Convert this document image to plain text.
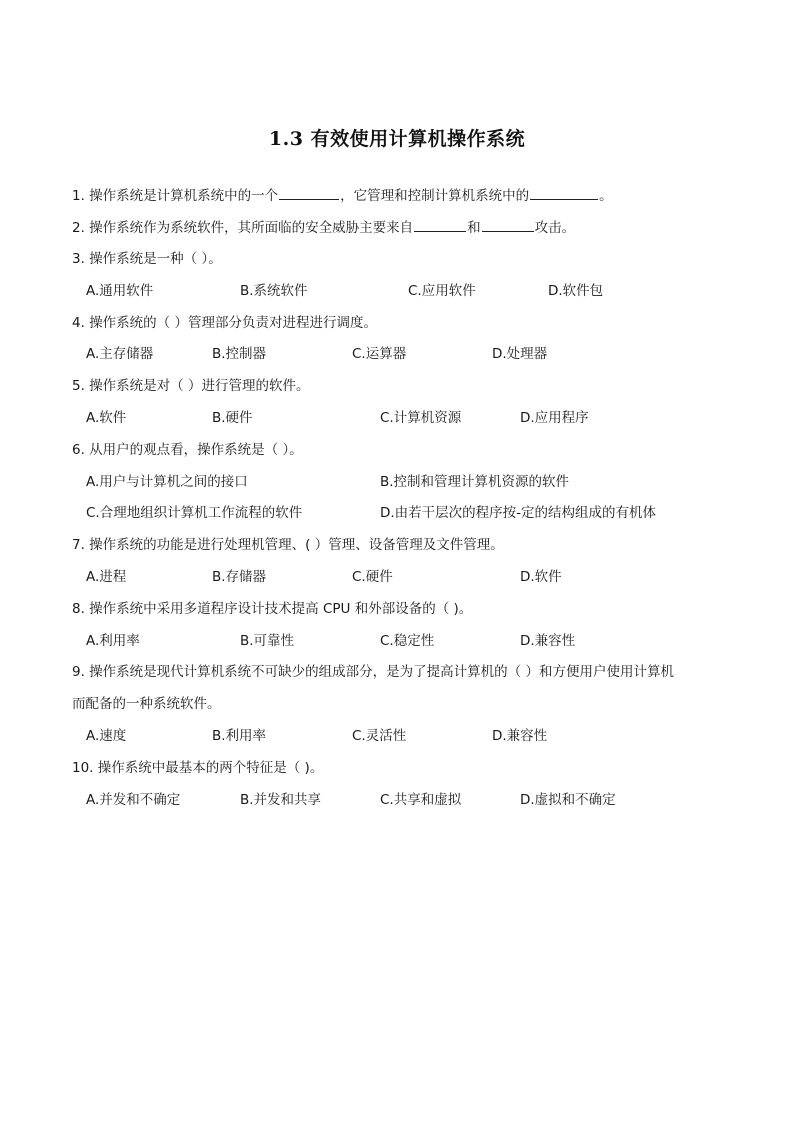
1.3 有效使用计算机操作系统
1. 操作系统是计算机系统中的一个	，它管理和控制计算机系统中的	。
2. 操作系统作为系统软件，其所面临的安全威胁主要来自	和	攻击。
3. 操作系统是一种（ ）。
A.通用软件	B.系统软件	C.应用软件	D.软件包
4. 操作系统的（ ）管理部分负责对进程进行调度。
A.主存储器	B.控制器	C.运算器	D.处理器
5. 操作系统是对（ ）进行管理的软件。
A.软件	B.硬件	C.计算机资源	D.应用程序
6. 从用户的观点看，操作系统是（ ）。
A.用户与计算机之间的接口	B.控制和管理计算机资源的软件
C.合理地组织计算机工作流程的软件	D.由若干层次的程序按-定的结构组成的有机体
7. 操作系统的功能是进行处理机管理、( ）管理、设备管理及文件管理。
A.进程	B.存储器	C.硬件	D.软件
8. 操作系统中采用多道程序设计技术提高 CPU 和外部设备的（ )。
A.利用率	B.可靠性	C.稳定性	D.兼容性
9. 操作系统是现代计算机系统不可缺少的组成部分，是为了提高计算机的（ ）和方便用户使用计算机
而配备的一种系统软件。
A.速度	B.利用率	C.灵活性	D.兼容性
10. 操作系统中最基本的两个特征是（ )。
A.并发和不确定	B.并发和共享	C.共享和虚拟	D.虚拟和不确定
